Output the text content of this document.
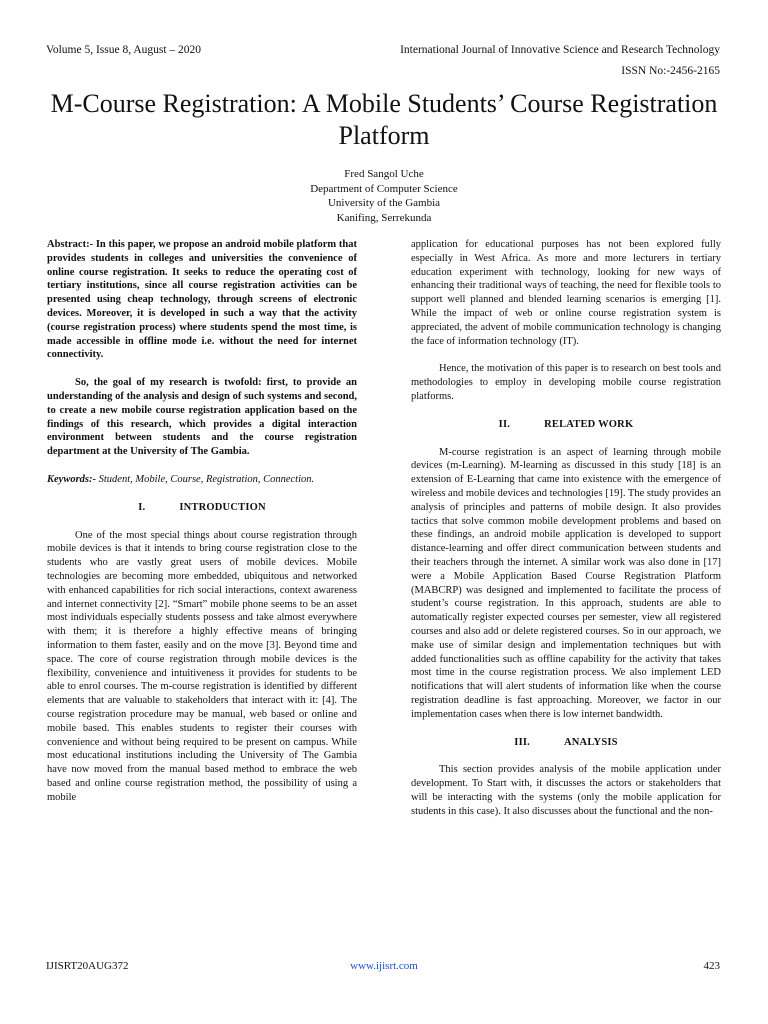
Volume 5, Issue 8, August – 2020	International Journal of Innovative Science and Research Technology
ISSN No:-2456-2165
M-Course Registration: A Mobile Students’ Course Registration Platform
Fred Sangol Uche
Department of Computer Science
University of the Gambia
Kanifing, Serrekunda

Abstract:- In this paper, we propose an android mobile platform that provides students in colleges and universities the convenience of online course registration. It seeks to reduce the operating cost of tertiary institutions, since all course registration activities can be presented using cheap technology, through screens of electronic devices. Moreover, it is developed in such a way that the activity (course registration process) where students spend the most time, is made accessible in offline mode i.e. without the need for internet connectivity.

So, the goal of my research is twofold: first, to provide an understanding of the analysis and design of such systems and second, to create a new mobile course registration application based on the findings of this research, which provides a digital interaction environment between students and the course registration department at the University of The Gambia.

Keywords:- Student, Mobile, Course, Registration, Connection.

I.	INTRODUCTION

One of the most special things about course registration through mobile devices is that it intends to bring course registration close to the students who are vastly great users of mobile devices. Mobile technologies are becoming more embedded, ubiquitous and networked with enhanced capabilities for rich social interactions, context awareness and internet connectivity [2]. “Smart” mobile phone seems to be an asset most individuals especially students possess and take almost everywhere with them; it is therefore a highly effective means of bringing information to them faster, easily and on the move [3]. Beyond time and space. The core of course registration through mobile devices is the flexibility, convenience and intuitiveness it provides for students to be able to enrol courses. The m-course registration is identified by different elements that are valuable to stakeholders that interact with it: [4]. The course registration procedure may be manual, web based or online and mobile based. This enables students to register their courses with convenience and without being required to be present on campus. While most educational institutions including the University of The Gambia have now moved from the manual based method to embrace the web based and online course registration method, the possibility of using a mobile

application for educational purposes has not been explored fully especially in West Africa. As more and more lecturers in tertiary education experiment with technology, looking for new ways of enhancing their traditional ways of teaching, the need for flexible tools to support well planned and blended learning scenarios is emerging [1]. While the impact of web or online course registration system is appreciated, the advent of mobile communication technology is changing the face of information technology (IT).

Hence, the motivation of this paper is to research on best tools and methodologies to employ in developing mobile course registration platforms.

II.	RELATED WORK

M-course registration is an aspect of learning through mobile devices (m-Learning). M-learning as discussed in this study [18] is an extension of E-Learning that came into existence with the emergence of wireless and mobile devices and technologies [19]. The study provides an analysis of principles and patterns of mobile design. It also provides tactics that solve common mobile development problems and based on these findings, an android mobile application is developed to support distance-learning and offer direct communication between students and their teachers through the internet. A similar work was also done in [17] were a Mobile Application Based Course Registration Platform (MABCRP) was designed and implemented to facilitate the process of student’s course registration. In this approach, students are able to automatically register expected courses per semester, view all registered courses and also add or delete registered courses. So in our approach, we make use of similar design and implementation techniques but with added functionalities such as offline capability for the activity that takes most time in the course registration process. We also implement LED notifications that will alert students of information like when the course registration deadline is fast approaching. Moreover, we factor in our implementation cases when there is low internet bandwidth.

III.	ANALYSIS

This section provides analysis of the mobile application under development. To Start with, it discusses the actors or stakeholders that will be interacting with the systems (only the mobile application for students in this case). It also discusses about the functional and the non-

IJISRT20AUG372	www.ijisrt.com	423
